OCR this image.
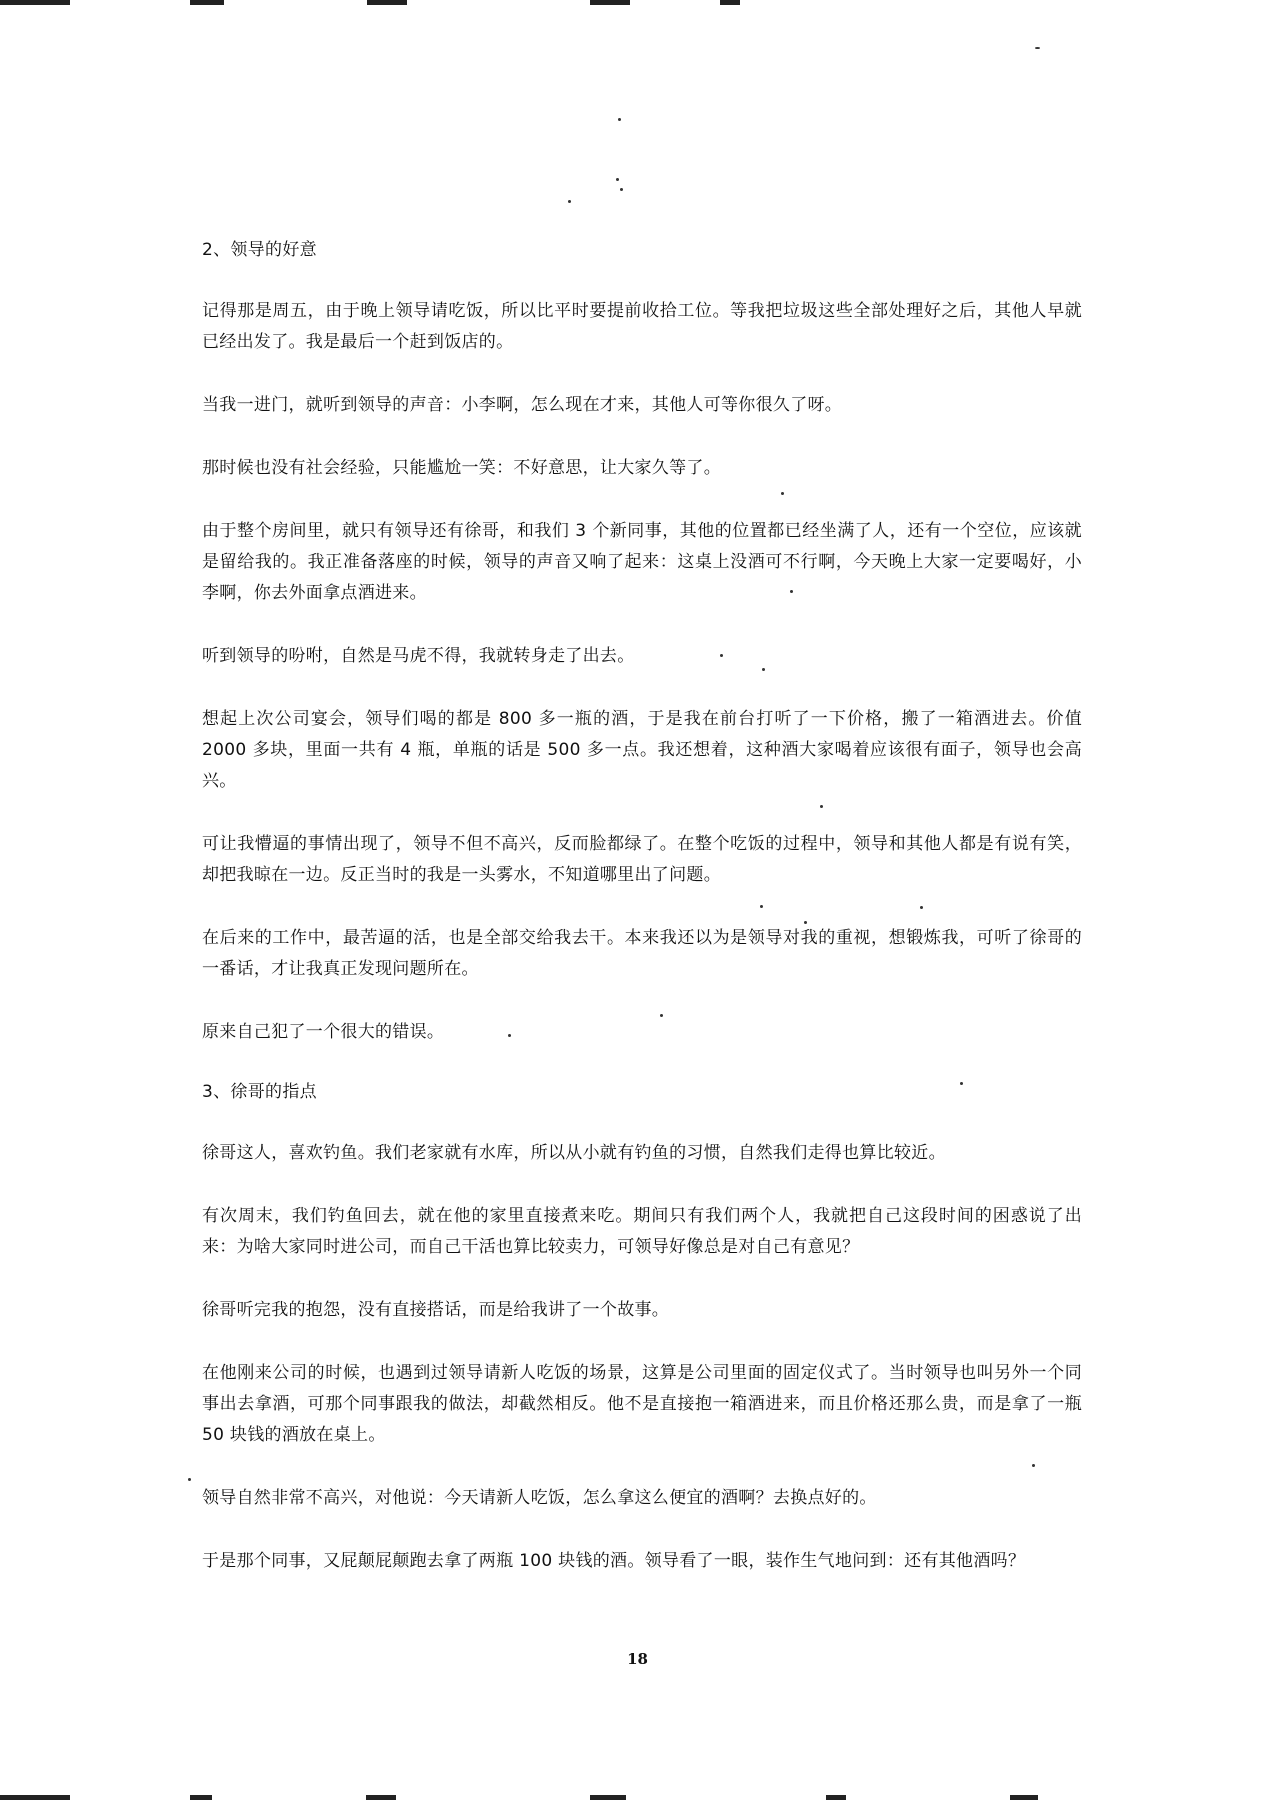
2、领导的好意

记得那是周五，由于晚上领导请吃饭，所以比平时要提前收拾工位。等我把垃圾这些全部处理好之后，其他人早就已经出发了。我是最后一个赶到饭店的。

当我一进门，就听到领导的声音：小李啊，怎么现在才来，其他人可等你很久了呀。

那时候也没有社会经验，只能尴尬一笑：不好意思，让大家久等了。

由于整个房间里，就只有领导还有徐哥，和我们 3 个新同事，其他的位置都已经坐满了人，还有一个空位，应该就是留给我的。我正准备落座的时候，领导的声音又响了起来：这桌上没酒可不行啊，今天晚上大家一定要喝好，小李啊，你去外面拿点酒进来。

听到领导的吩咐，自然是马虎不得，我就转身走了出去。

想起上次公司宴会，领导们喝的都是 800 多一瓶的酒，于是我在前台打听了一下价格，搬了一箱酒进去。价值 2000 多块，里面一共有 4 瓶，单瓶的话是 500 多一点。我还想着，这种酒大家喝着应该很有面子，领导也会高兴。

可让我懵逼的事情出现了，领导不但不高兴，反而脸都绿了。在整个吃饭的过程中，领导和其他人都是有说有笑，却把我晾在一边。反正当时的我是一头雾水，不知道哪里出了问题。

在后来的工作中，最苦逼的活，也是全部交给我去干。本来我还以为是领导对我的重视，想锻炼我，可听了徐哥的一番话，才让我真正发现问题所在。

原来自己犯了一个很大的错误。

3、徐哥的指点

徐哥这人，喜欢钓鱼。我们老家就有水库，所以从小就有钓鱼的习惯，自然我们走得也算比较近。

有次周末，我们钓鱼回去，就在他的家里直接煮来吃。期间只有我们两个人，我就把自己这段时间的困惑说了出来：为啥大家同时进公司，而自己干活也算比较卖力，可领导好像总是对自己有意见？

徐哥听完我的抱怨，没有直接搭话，而是给我讲了一个故事。

在他刚来公司的时候，也遇到过领导请新人吃饭的场景，这算是公司里面的固定仪式了。当时领导也叫另外一个同事出去拿酒，可那个同事跟我的做法，却截然相反。他不是直接抱一箱酒进来，而且价格还那么贵，而是拿了一瓶 50 块钱的酒放在桌上。

领导自然非常不高兴，对他说：今天请新人吃饭，怎么拿这么便宜的酒啊？去换点好的。

于是那个同事，又屁颠屁颠跑去拿了两瓶 100 块钱的酒。领导看了一眼，装作生气地问到：还有其他酒吗？

18
